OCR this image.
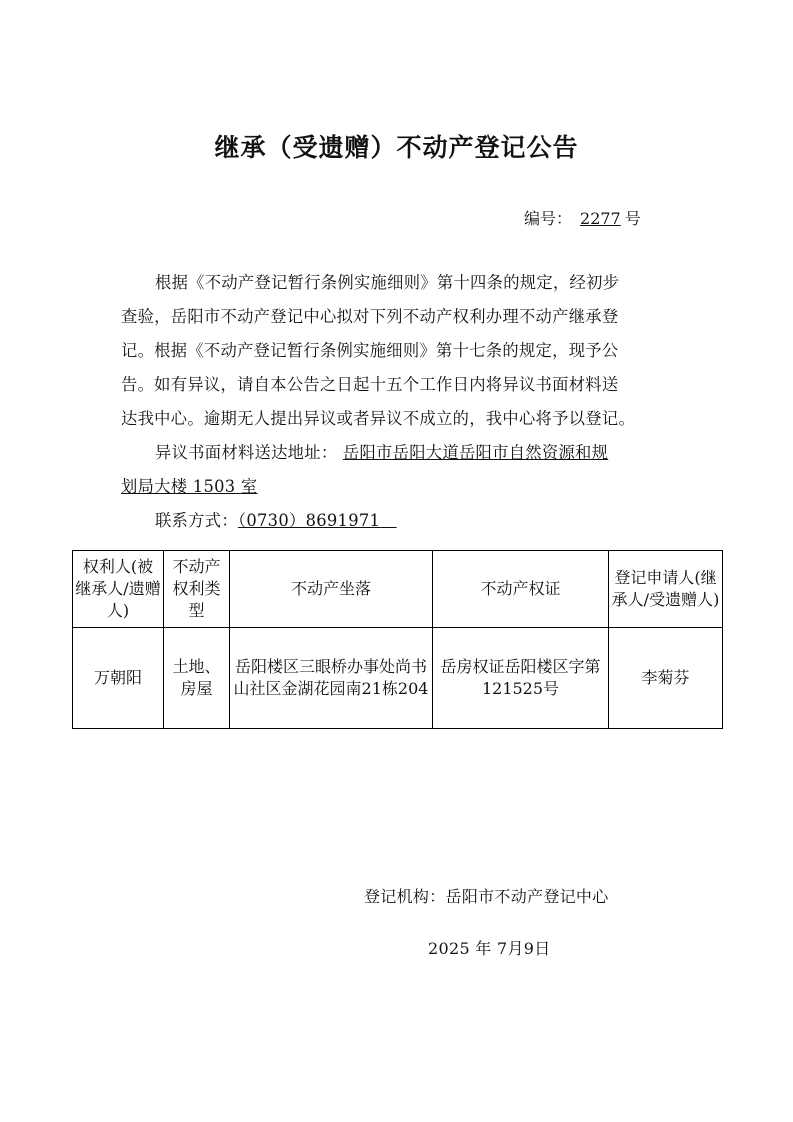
继承（受遗赠）不动产登记公告
编号： 2277 号
根据《不动产登记暂行条例实施细则》第十四条的规定，经初步
查验，岳阳市不动产登记中心拟对下列不动产权利办理不动产继承登
记。根据《不动产登记暂行条例实施细则》第十七条的规定，现予公
告。如有异议，请自本公告之日起十五个工作日内将异议书面材料送
达我中心。逾期无人提出异议或者异议不成立的，我中心将予以登记。
异议书面材料送达地址： 岳阳市岳阳大道岳阳市自然资源和规
划局大楼 1503 室
联系方式：（0730）8691971
权利人(被继承人/遗赠人)	不动产权利类型	不动产坐落	不动产权证	登记申请人(继承人/受遗赠人)
万朝阳	土地、房屋	岳阳楼区三眼桥办事处尚书山社区金湖花园南21栋204	岳房权证岳阳楼区字第121525号	李菊芬
登记机构：岳阳市不动产登记中心
2025 年 7月9日
